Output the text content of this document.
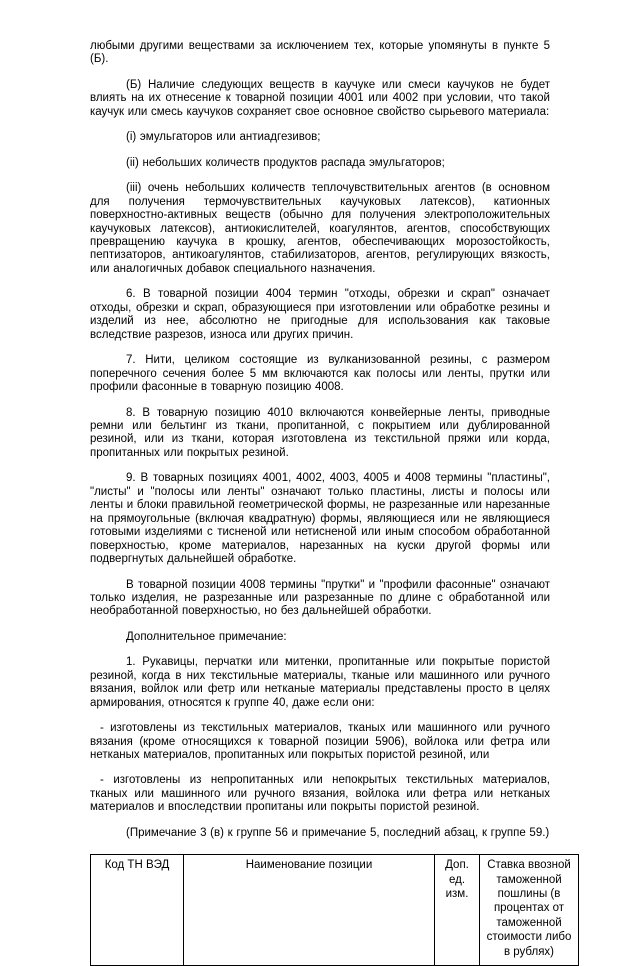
любыми другими веществами за исключением тех, которые упомянуты в пункте 5 (Б).

(Б) Наличие следующих веществ в каучуке или смеси каучуков не будет влиять на их отнесение к товарной позиции 4001 или 4002 при условии, что такой каучук или смесь каучуков сохраняет свое основное свойство сырьевого материала:

(i) эмульгаторов или антиадгезивов;

(ii) небольших количеств продуктов распада эмульгаторов;

(iii) очень небольших количеств теплочувствительных агентов (в основном для получения термочувствительных каучуковых латексов), катионных поверхностно-активных веществ (обычно для получения электроположительных каучуковых латексов), антиокислителей, коагулянтов, агентов, способствующих превращению каучука в крошку, агентов, обеспечивающих морозостойкость, пептизаторов, антикоагулянтов, стабилизаторов, агентов, регулирующих вязкость, или аналогичных добавок специального назначения.

6. В товарной позиции 4004 термин "отходы, обрезки и скрап" означает отходы, обрезки и скрап, образующиеся при изготовлении или обработке резины и изделий из нее, абсолютно не пригодные для использования как таковые вследствие разрезов, износа или других причин.

7. Нити, целиком состоящие из вулканизованной резины, с размером поперечного сечения более 5 мм включаются как полосы или ленты, прутки или профили фасонные в товарную позицию 4008.

8. В товарную позицию 4010 включаются конвейерные ленты, приводные ремни или бельтинг из ткани, пропитанной, с покрытием или дублированной резиной, или из ткани, которая изготовлена из текстильной пряжи или корда, пропитанных или покрытых резиной.

9. В товарных позициях 4001, 4002, 4003, 4005 и 4008 термины "пластины", "листы" и "полосы или ленты" означают только пластины, листы и полосы или ленты и блоки правильной геометрической формы, не разрезанные или нарезанные на прямоугольные (включая квадратную) формы, являющиеся или не являющиеся готовыми изделиями с тисненой или нетисненой или иным способом обработанной поверхностью, кроме материалов, нарезанных на куски другой формы или подвергнутых дальнейшей обработке.

В товарной позиции 4008 термины "прутки" и "профили фасонные" означают только изделия, не разрезанные или разрезанные по длине с обработанной или необработанной поверхностью, но без дальнейшей обработки.

Дополнительное примечание:

1. Рукавицы, перчатки или митенки, пропитанные или покрытые пористой резиной, когда в них текстильные материалы, тканые или машинного или ручного вязания, войлок или фетр или нетканые материалы представлены просто в целях армирования, относятся к группе 40, даже если они:

- изготовлены из текстильных материалов, тканых или машинного или ручного вязания (кроме относящихся к товарной позиции 5906), войлока или фетра или нетканых материалов, пропитанных или покрытых пористой резиной, или

- изготовлены из непропитанных или непокрытых текстильных материалов, тканых или машинного или ручного вязания, войлока или фетра или нетканых материалов и впоследствии пропитаны или покрыты пористой резиной.

(Примечание 3 (в) к группе 56 и примечание 5, последний абзац, к группе 59.)

Код ТН ВЭД	Наименование позиции	Доп. ед. изм.	Ставка ввозной таможенной пошлины (в процентах от таможенной стоимости либо в рублях)
